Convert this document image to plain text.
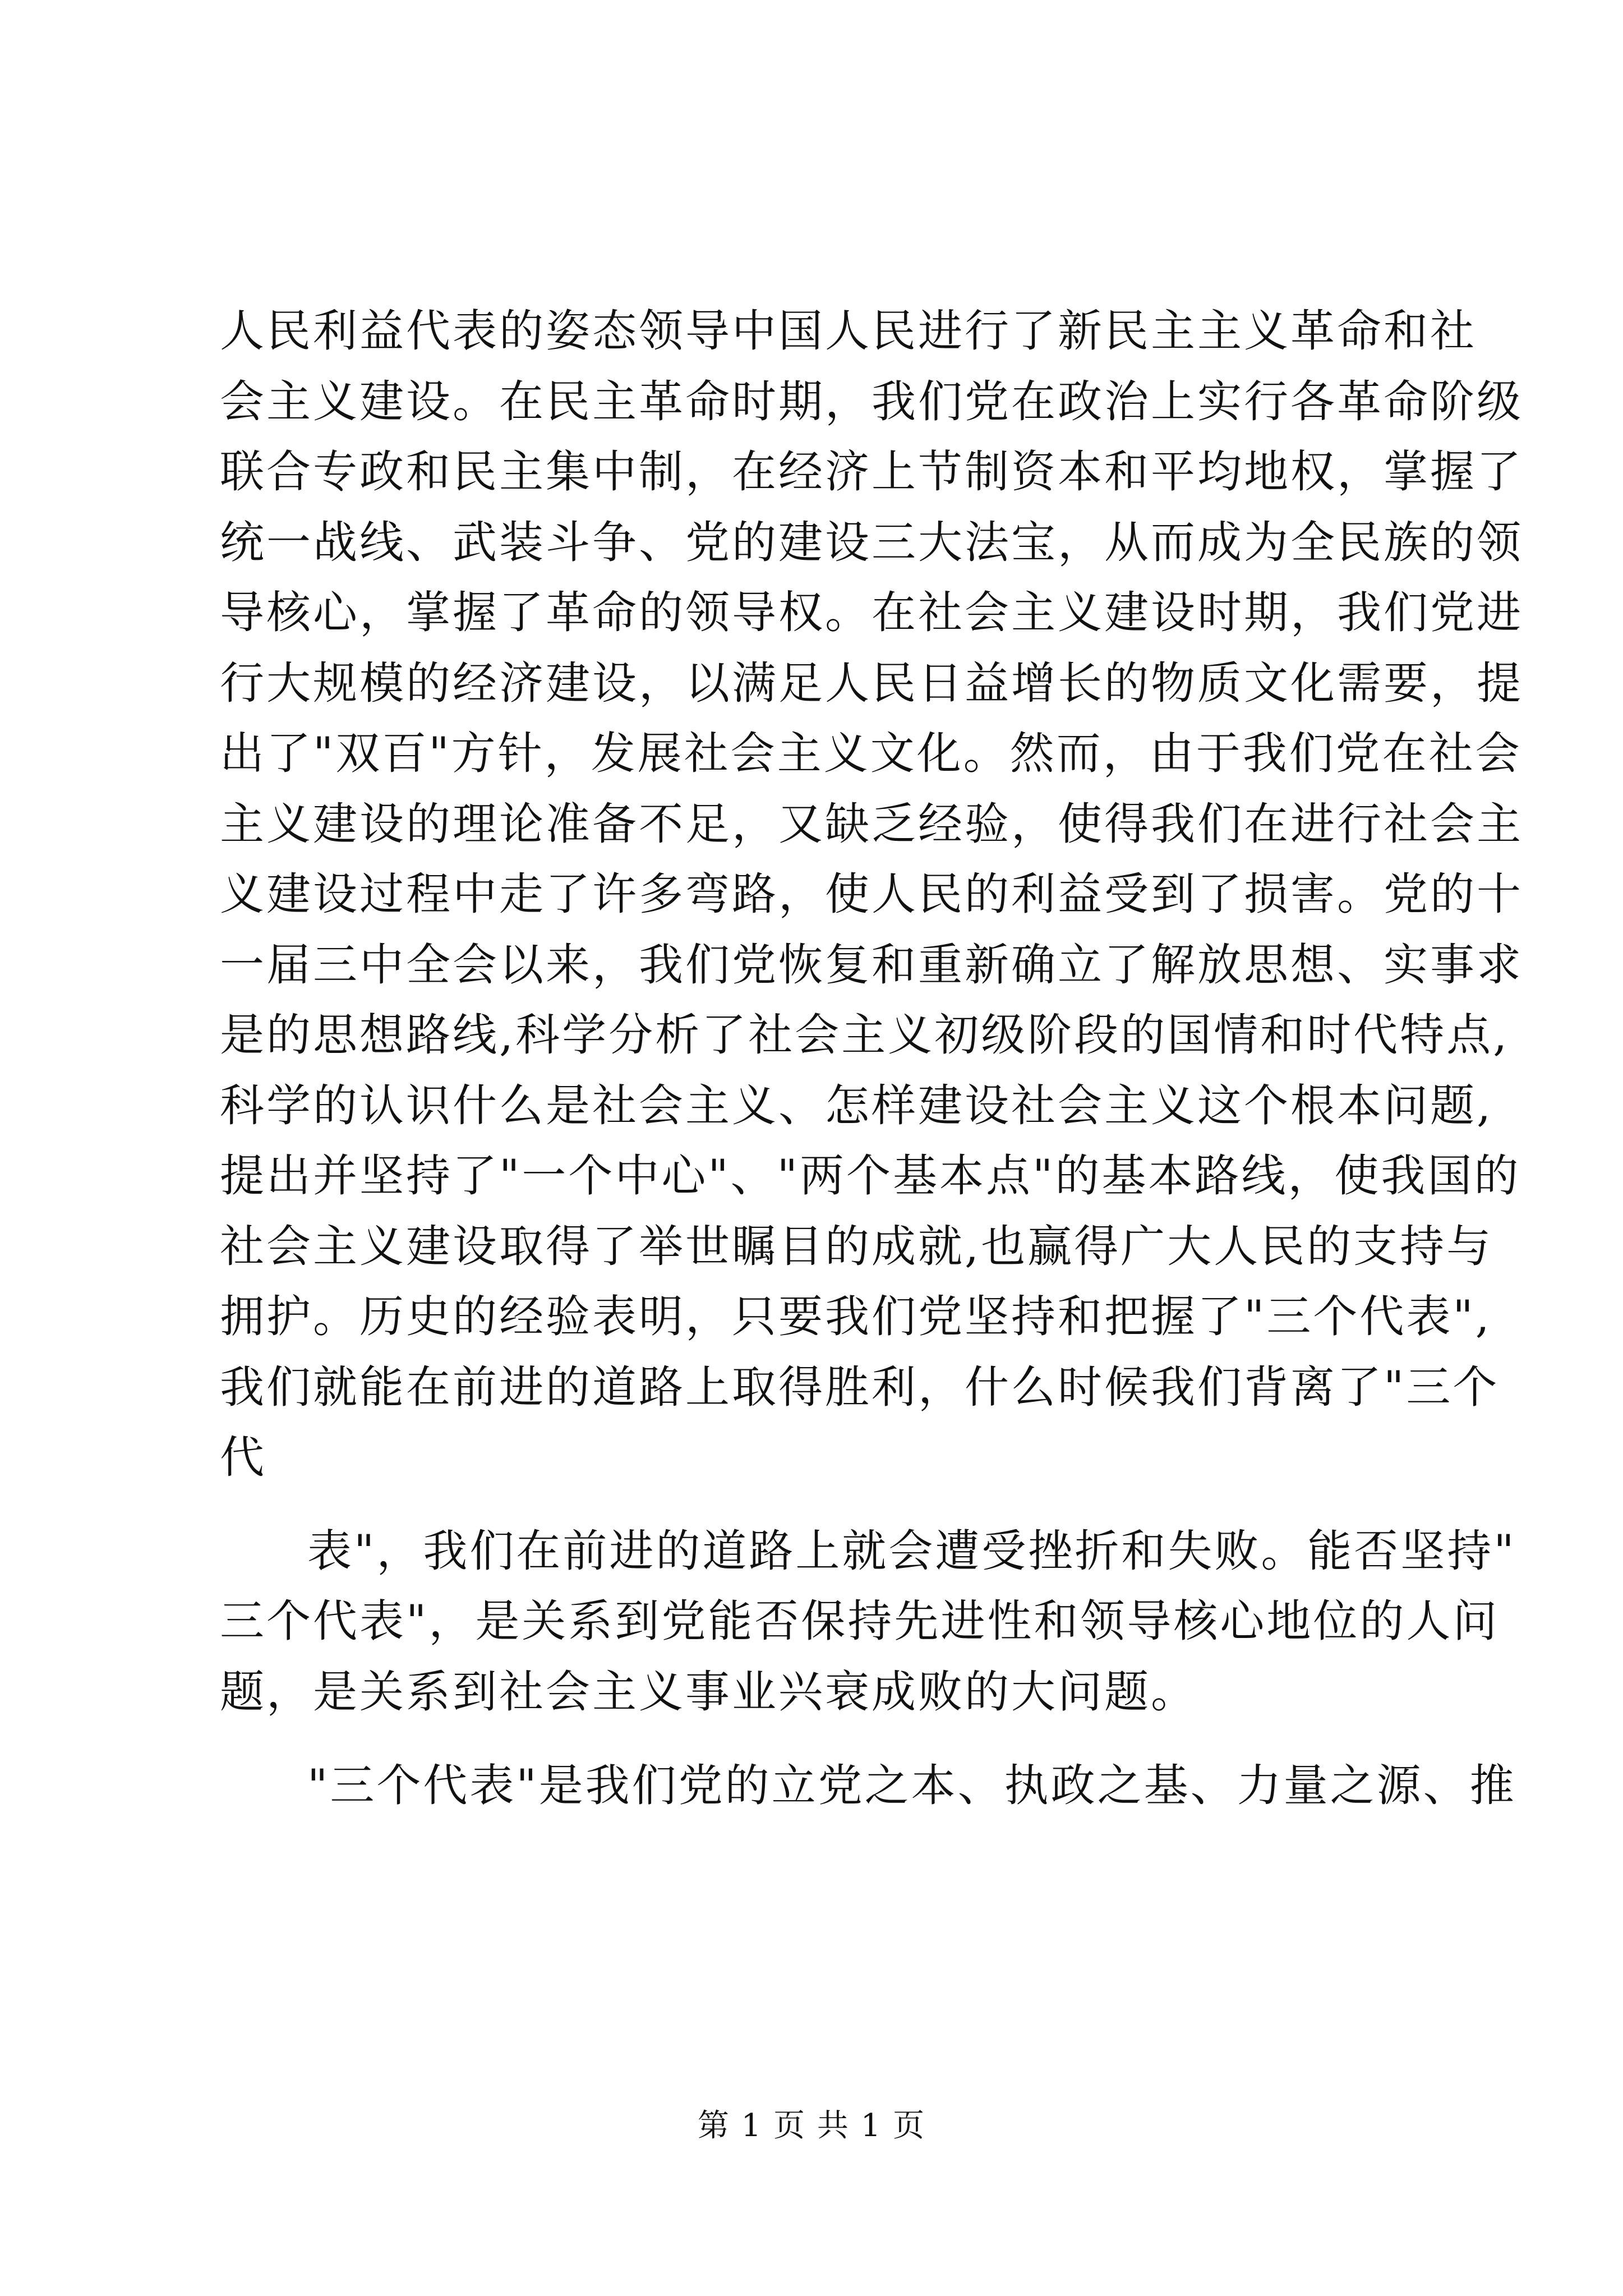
人民利益代表的姿态领导中国人民进行了新民主主义革命和社
会主义建设。在民主革命时期，我们党在政治上实行各革命阶级
联合专政和民主集中制，在经济上节制资本和平均地权，掌握了
统一战线、武装斗争、党的建设三大法宝，从而成为全民族的领
导核心，掌握了革命的领导权。在社会主义建设时期，我们党进
行大规模的经济建设，以满足人民日益增长的物质文化需要，提
出了"双百"方针，发展社会主义文化。然而，由于我们党在社会
主义建设的理论准备不足，又缺乏经验，使得我们在进行社会主
义建设过程中走了许多弯路，使人民的利益受到了损害。党的十
一届三中全会以来，我们党恢复和重新确立了解放思想、实事求
是的思想路线,科学分析了社会主义初级阶段的国情和时代特点,
科学的认识什么是社会主义、怎样建设社会主义这个根本问题,
提出并坚持了"一个中心"、"两个基本点"的基本路线，使我国的
社会主义建设取得了举世瞩目的成就,也赢得广大人民的支持与
拥护。历史的经验表明，只要我们党坚持和把握了"三个代表",
我们就能在前进的道路上取得胜利，什么时候我们背离了"三个
代
表"，我们在前进的道路上就会遭受挫折和失败。能否坚持"
三个代表"，是关系到党能否保持先进性和领导核心地位的人问
题，是关系到社会主义事业兴衰成败的大问题。
"三个代表"是我们党的立党之本、执政之基、力量之源、推
第 1 页 共 1 页
